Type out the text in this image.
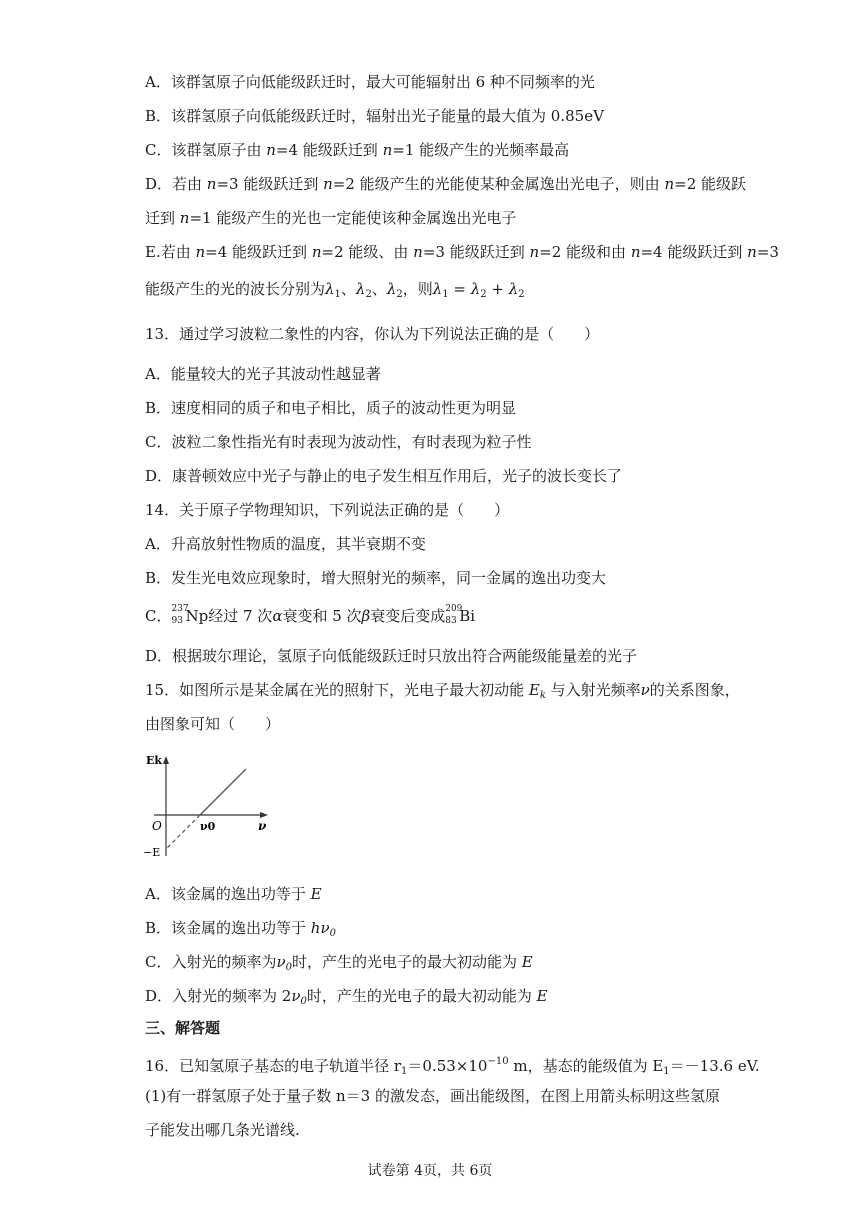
A．该群氢原子向低能级跃迁时，最大可能辐射出 6 种不同频率的光
B．该群氢原子向低能级跃迁时，辐射出光子能量的最大值为 0.85eV
C．该群氢原子由 n=4 能级跃迁到 n=1 能级产生的光频率最高
D．若由 n=3 能级跃迁到 n=2 能级产生的光能使某种金属逸出光电子，则由 n=2 能级跃
迁到 n=1 能级产生的光也一定能使该种金属逸出光电子
E.若由 n=4 能级跃迁到 n=2 能级、由 n=3 能级跃迁到 n=2 能级和由 n=4 能级跃迁到 n=3
能级产生的光的波长分别为$\lambda_1$、$\lambda_2$、$\lambda_2$，则$\lambda_1 = \lambda_2 + \lambda_2$
13．通过学习波粒二象性的内容，你认为下列说法正确的是（　　）
A．能量较大的光子其波动性越显著
B．速度相同的质子和电子相比，质子的波动性更为明显
C．波粒二象性指光有时表现为波动性，有时表现为粒子性
D．康普顿效应中光子与静止的电子发生相互作用后，光子的波长变长了
14．关于原子学物理知识，下列说法正确的是（　　）
A．升高放射性物质的温度，其半衰期不变
B．发生光电效应现象时，增大照射光的频率，同一金属的逸出功变大
C． 237
93 Np经过 7 次α衰变和 5 次β衰变后变成 209
83 Bi
D．根据玻尔理论，氢原子向低能级跃迁时只放出符合两能级能量差的光子
15．如图所示是某金属在光的照射下，光电子最大初动能 $E_k$ 与入射光频率ν的关系图象，
由图象可知（　　）
Ek
ν
O	ν0
−E
A．该金属的逸出功等于 E
B．该金属的逸出功等于 $h\nu_0$
C．入射光的频率为$\nu_0$时，产生的光电子的最大初动能为 E
D．入射光的频率为 $2\nu_0$时，产生的光电子的最大初动能为 E
三、解答题
16．已知氢原子基态的电子轨道半径 $r_1=0.53\times 10^{-10}$ m，基态的能级值为 $E_1=-13.6$ eV.
(1)有一群氢原子处于量子数 n＝3 的激发态，画出能级图，在图上用箭头标明这些氢原
子能发出哪几条光谱线.
试卷第 4页，共 6页
